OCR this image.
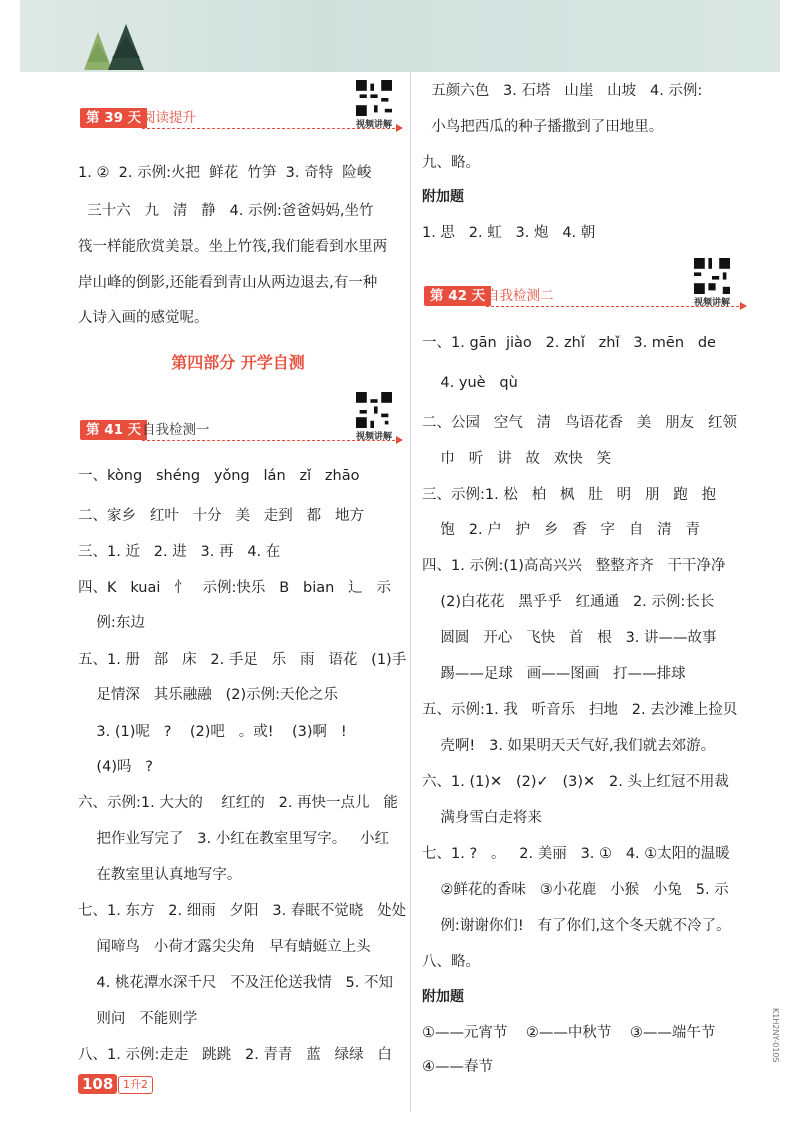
视频讲解
第 39 天 阅读提升
1. ②  2. 示例:火把  鲜花  竹笋  3. 奇特  险峻
三十六   九   清   静   4. 示例:爸爸妈妈,坐竹
筏一样能欣赏美景。坐上竹筏,我们能看到水里两
岸山峰的倒影,还能看到青山从两边退去,有一种
人诗入画的感觉呢。
第四部分 开学自测
视频讲解
第 41 天 自我检测一
一、kòng   shéng   yǒng   lán   zǐ   zhāo
二、家乡   红叶   十分   美   走到   都   地方
三、1. 近   2. 进   3. 再   4. 在
四、K   kuai   忄   示例:快乐   B   bian   辶   示
例:东边
五、1. 册   部   床   2. 手足   乐   雨   语花   (1)手
足情深   其乐融融   (2)示例:天伦之乐
3. (1)呢   ?    (2)吧   。或!    (3)啊   !
(4)吗   ?
六、示例:1. 大大的    红红的   2. 再快一点儿   能
把作业写完了   3. 小红在教室里写字。   小红
在教室里认真地写字。
七、1. 东方   2. 细雨   夕阳   3. 春眠不觉晓   处处
闻啼鸟   小荷才露尖尖角   早有蜻蜓立上头
4. 桃花潭水深千尺   不及汪伦送我情   5. 不知
则问   不能则学
八、1. 示例:走走   跳跳   2. 青青   蓝   绿绿   白
五颜六色   3. 石塔   山崖   山坡   4. 示例:
小鸟把西瓜的种子播撒到了田地里。
九、略。
附加题
1. 思   2. 虹   3. 炮   4. 朝
视频讲解
第 42 天 自我检测二
一、1. gān  jiào   2. zhǐ   zhǐ   3. mēn   de
4. yuè   qù
二、公园   空气   清   鸟语花香   美   朋友   红领
巾   听   讲   故   欢快   笑
三、示例:1. 松   柏   枫   肚   明   朋   跑   抱
饱   2. 户   护   乡   香   字   自   清   青
四、1. 示例:(1)高高兴兴   整整齐齐   干干净净
(2)白花花   黑乎乎   红通通   2. 示例:长长
圆圆   开心   飞快   首   根   3. 讲——故事
踢——足球   画——图画   打——排球
五、示例:1. 我   听音乐   扫地   2. 去沙滩上捡贝
壳啊!   3. 如果明天天气好,我们就去郊游。
六、1. (1)✕   (2)✓   (3)✕   2. 头上红冠不用裁
满身雪白走将来
七、1. ?   。   2. 美丽   3. ①   4. ①太阳的温暖
②鲜花的香味   ③小花鹿   小猴   小兔   5. 示
例:谢谢你们!   有了你们,这个冬天就不冷了。
八、略。
附加题
①——元宵节    ②——中秋节    ③——端午节
④——春节
108 1升2
K1H2NY-010S
